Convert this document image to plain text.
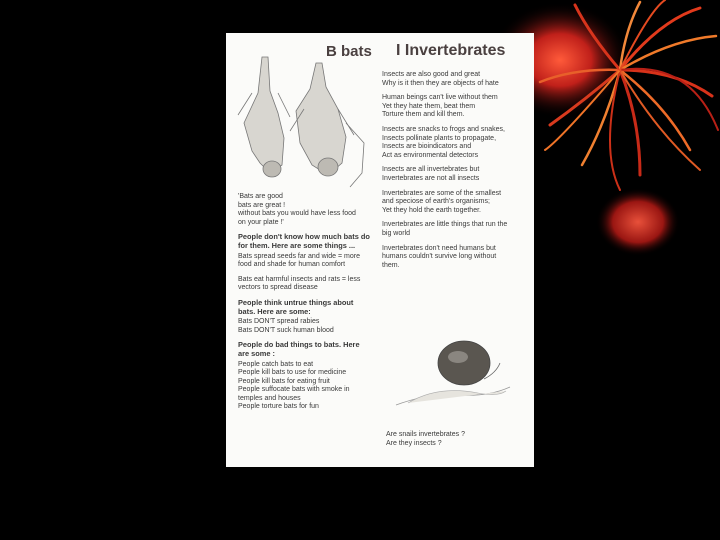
B bats I Invertebrates
'Bats are good
bats are great !
without bats you would have less food
on your plate !'
People don't know how much bats do
for them. Here are some things ...
Bats spread seeds far and wide = more
food and shade for human comfort
Bats eat harmful insects and rats = less
vectors to spread disease
People think untrue things about
bats. Here are some:
Bats DON'T spread rabies
Bats DON'T suck human blood
People do bad things to bats. Here
are some :
People catch bats to eat
People kill bats to use for medicine
People kill bats for eating fruit
People suffocate bats with smoke in
temples and houses
People torture bats for fun
Insects are also good and great
Why is it then they are objects of hate
Human beings can't live without them
Yet they hate them, beat them
Torture them and kill them.
Insects are snacks to frogs and snakes,
Insects pollinate plants to propagate,
Insects are bioindicators and
Act as environmental detectors
Insects are all invertebrates but
Invertebrates are not all insects
Invertebrates are some of the smallest
and speciose of earth's organisms;
Yet they hold the earth together.
Invertebrates are little things that run the
big world
Invertebrates don't need humans but
humans couldn't survive long without
them.
Are snails invertebrates ?
Are they insects ?
